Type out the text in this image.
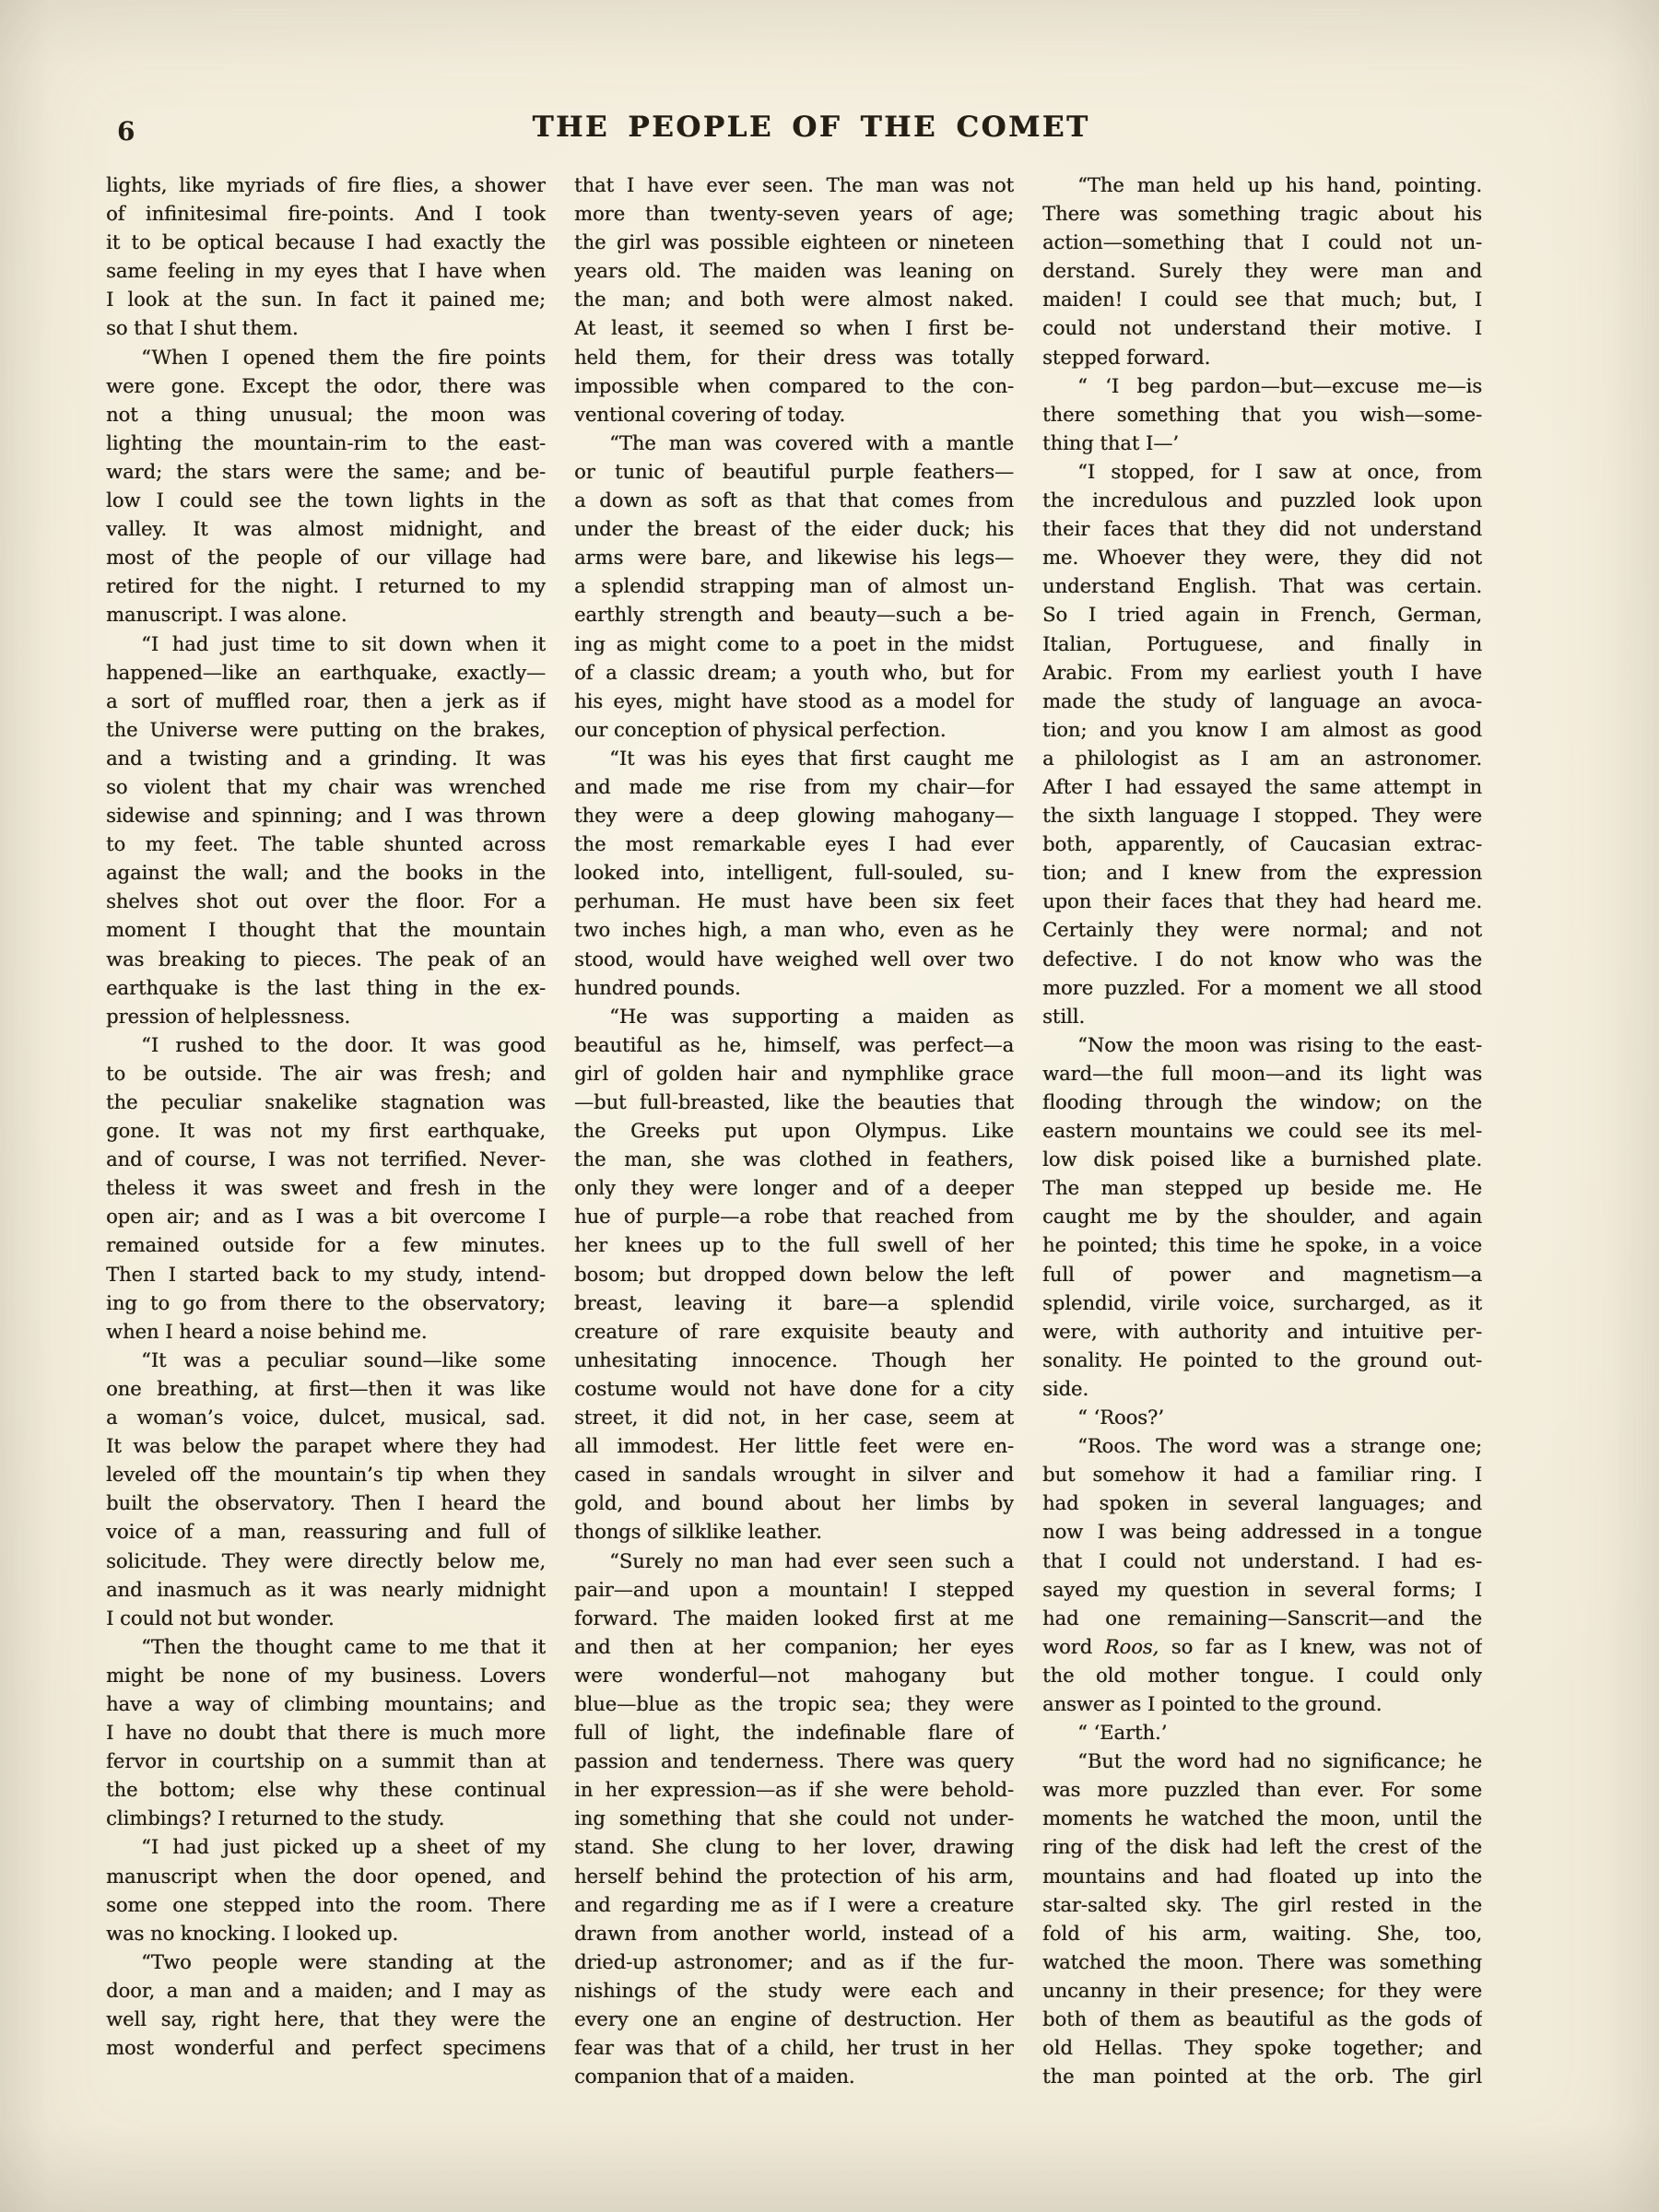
6	THE PEOPLE OF THE COMET
lights, like myriads of fire flies, a shower
of infinitesimal fire-points. And I took
it to be optical because I had exactly the
same feeling in my eyes that I have when
I look at the sun. In fact it pained me;
so that I shut them.
“When I opened them the fire points
were gone. Except the odor, there was
not a thing unusual; the moon was
lighting the mountain-rim to the east-
ward; the stars were the same; and be-
low I could see the town lights in the
valley. It was almost midnight, and
most of the people of our village had
retired for the night. I returned to my
manuscript. I was alone.
“I had just time to sit down when it
happened—like an earthquake, exactly—
a sort of muffled roar, then a jerk as if
the Universe were putting on the brakes,
and a twisting and a grinding. It was
so violent that my chair was wrenched
sidewise and spinning; and I was thrown
to my feet. The table shunted across
against the wall; and the books in the
shelves shot out over the floor. For a
moment I thought that the mountain
was breaking to pieces. The peak of an
earthquake is the last thing in the ex-
pression of helplessness.
“I rushed to the door. It was good
to be outside. The air was fresh; and
the peculiar snakelike stagnation was
gone. It was not my first earthquake,
and of course, I was not terrified. Never-
theless it was sweet and fresh in the
open air; and as I was a bit overcome I
remained outside for a few minutes.
Then I started back to my study, intend-
ing to go from there to the observatory;
when I heard a noise behind me.
“It was a peculiar sound—like some
one breathing, at first—then it was like
a woman’s voice, dulcet, musical, sad.
It was below the parapet where they had
leveled off the mountain’s tip when they
built the observatory. Then I heard the
voice of a man, reassuring and full of
solicitude. They were directly below me,
and inasmuch as it was nearly midnight
I could not but wonder.
“Then the thought came to me that it
might be none of my business. Lovers
have a way of climbing mountains; and
I have no doubt that there is much more
fervor in courtship on a summit than at
the bottom; else why these continual
climbings? I returned to the study.
“I had just picked up a sheet of my
manuscript when the door opened, and
some one stepped into the room. There
was no knocking. I looked up.
“Two people were standing at the
door, a man and a maiden; and I may as
well say, right here, that they were the
most wonderful and perfect specimens
that I have ever seen. The man was not
more than twenty-seven years of age;
the girl was possible eighteen or nineteen
years old. The maiden was leaning on
the man; and both were almost naked.
At least, it seemed so when I first be-
held them, for their dress was totally
impossible when compared to the con-
ventional covering of today.
“The man was covered with a mantle
or tunic of beautiful purple feathers—
a down as soft as that that comes from
under the breast of the eider duck; his
arms were bare, and likewise his legs—
a splendid strapping man of almost un-
earthly strength and beauty—such a be-
ing as might come to a poet in the midst
of a classic dream; a youth who, but for
his eyes, might have stood as a model for
our conception of physical perfection.
“It was his eyes that first caught me
and made me rise from my chair—for
they were a deep glowing mahogany—
the most remarkable eyes I had ever
looked into, intelligent, full-souled, su-
perhuman. He must have been six feet
two inches high, a man who, even as he
stood, would have weighed well over two
hundred pounds.
“He was supporting a maiden as
beautiful as he, himself, was perfect—a
girl of golden hair and nymphlike grace
—but full-breasted, like the beauties that
the Greeks put upon Olympus. Like
the man, she was clothed in feathers,
only they were longer and of a deeper
hue of purple—a robe that reached from
her knees up to the full swell of her
bosom; but dropped down below the left
breast, leaving it bare—a splendid
creature of rare exquisite beauty and
unhesitating innocence. Though her
costume would not have done for a city
street, it did not, in her case, seem at
all immodest. Her little feet were en-
cased in sandals wrought in silver and
gold, and bound about her limbs by
thongs of silklike leather.
“Surely no man had ever seen such a
pair—and upon a mountain! I stepped
forward. The maiden looked first at me
and then at her companion; her eyes
were wonderful—not mahogany but
blue—blue as the tropic sea; they were
full of light, the indefinable flare of
passion and tenderness. There was query
in her expression—as if she were behold-
ing something that she could not under-
stand. She clung to her lover, drawing
herself behind the protection of his arm,
and regarding me as if I were a creature
drawn from another world, instead of a
dried-up astronomer; and as if the fur-
nishings of the study were each and
every one an engine of destruction. Her
fear was that of a child, her trust in her
companion that of a maiden.
“The man held up his hand, pointing.
There was something tragic about his
action—something that I could not un-
derstand. Surely they were man and
maiden! I could see that much; but, I
could not understand their motive. I
stepped forward.
“ ‘I beg pardon—but—excuse me—is
there something that you wish—some-
thing that I—’
“I stopped, for I saw at once, from
the incredulous and puzzled look upon
their faces that they did not understand
me. Whoever they were, they did not
understand English. That was certain.
So I tried again in French, German,
Italian, Portuguese, and finally in
Arabic. From my earliest youth I have
made the study of language an avoca-
tion; and you know I am almost as good
a philologist as I am an astronomer.
After I had essayed the same attempt in
the sixth language I stopped. They were
both, apparently, of Caucasian extrac-
tion; and I knew from the expression
upon their faces that they had heard me.
Certainly they were normal; and not
defective. I do not know who was the
more puzzled. For a moment we all stood
still.
“Now the moon was rising to the east-
ward—the full moon—and its light was
flooding through the window; on the
eastern mountains we could see its mel-
low disk poised like a burnished plate.
The man stepped up beside me. He
caught me by the shoulder, and again
he pointed; this time he spoke, in a voice
full of power and magnetism—a
splendid, virile voice, surcharged, as it
were, with authority and intuitive per-
sonality. He pointed to the ground out-
side.
“ ‘Roos?’
“Roos. The word was a strange one;
but somehow it had a familiar ring. I
had spoken in several languages; and
now I was being addressed in a tongue
that I could not understand. I had es-
sayed my question in several forms; I
had one remaining—Sanscrit—and the
word Roos, so far as I knew, was not of
the old mother tongue. I could only
answer as I pointed to the ground.
“ ‘Earth.’
“But the word had no significance; he
was more puzzled than ever. For some
moments he watched the moon, until the
ring of the disk had left the crest of the
mountains and had floated up into the
star-salted sky. The girl rested in the
fold of his arm, waiting. She, too,
watched the moon. There was something
uncanny in their presence; for they were
both of them as beautiful as the gods of
old Hellas. They spoke together; and
the man pointed at the orb. The girl
